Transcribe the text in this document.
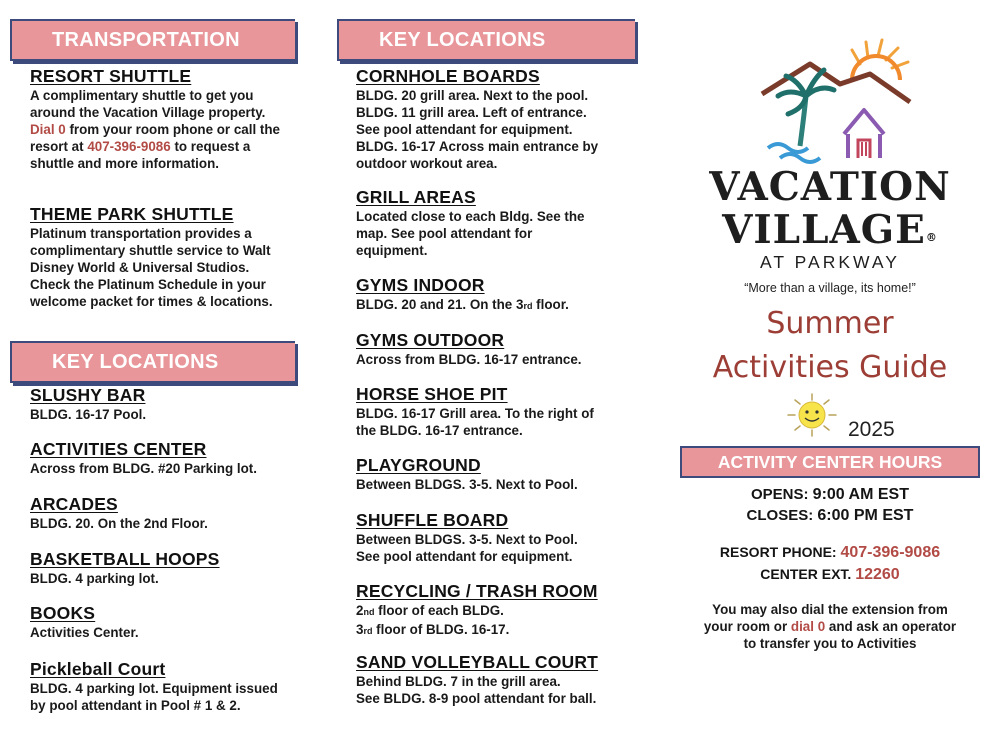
TRANSPORTATION
RESORT SHUTTLE

A complimentary shuttle to get you around the Vacation Village property. Dial 0 from your room phone or call the resort at 407-396-9086 to request a shuttle and more information.

THEME PARK SHUTTLE

Platinum transportation provides a complimentary shuttle service to Walt Disney World & Universal Studios. Check the Platinum Schedule in your welcome packet for times & locations.

KEY LOCATIONS
SLUSHY BAR

BLDG. 16-17 Pool.

ACTIVITIES CENTER

Across from BLDG. #20 Parking lot.

ARCADES

BLDG. 20. On the 2nd Floor.

BASKETBALL HOOPS

BLDG. 4 parking lot.

BOOKS

Activities Center.

Pickleball Court

BLDG. 4 parking lot. Equipment issued by pool attendant in Pool # 1 & 2.

KEY LOCATIONS
CORNHOLE BOARDS

BLDG. 20 grill area. Next to the pool.

BLDG. 11 grill area. Left of entrance.

See pool attendant for equipment.

BLDG. 16-17 Across main entrance by

outdoor workout area.

GRILL AREAS

Located close to each Bldg. See the

map. See pool attendant for

equipment.

GYMS INDOOR

BLDG. 20 and 21. On the 3rd floor.

GYMS OUTDOOR

Across from BLDG. 16-17 entrance.

HORSE SHOE PIT

BLDG. 16-17 Grill area. To the right of

the BLDG. 16-17 entrance.

PLAYGROUND

Between BLDGS. 3-5. Next to Pool.

SHUFFLE BOARD

Between BLDGS. 3-5. Next to Pool.

See pool attendant for equipment.

RECYCLING / TRASH ROOM

2nd floor of each BLDG.

3rd floor of BLDG. 16-17.

SAND VOLLEYBALL COURT

Behind BLDG. 7 in the grill area.

See BLDG. 8-9 pool attendant for ball.

VACATION
VILLAGE®
AT PARKWAY
“More than a village, its home!”
Summer
Activities Guide
2025
ACTIVITY CENTER HOURS
OPENS: 9:00 AM EST
CLOSES: 6:00 PM EST
RESORT PHONE: 407-396-9086
CENTER EXT. 12260
You may also dial the extension from your room or dial 0 and ask an operator to transfer you to Activities
